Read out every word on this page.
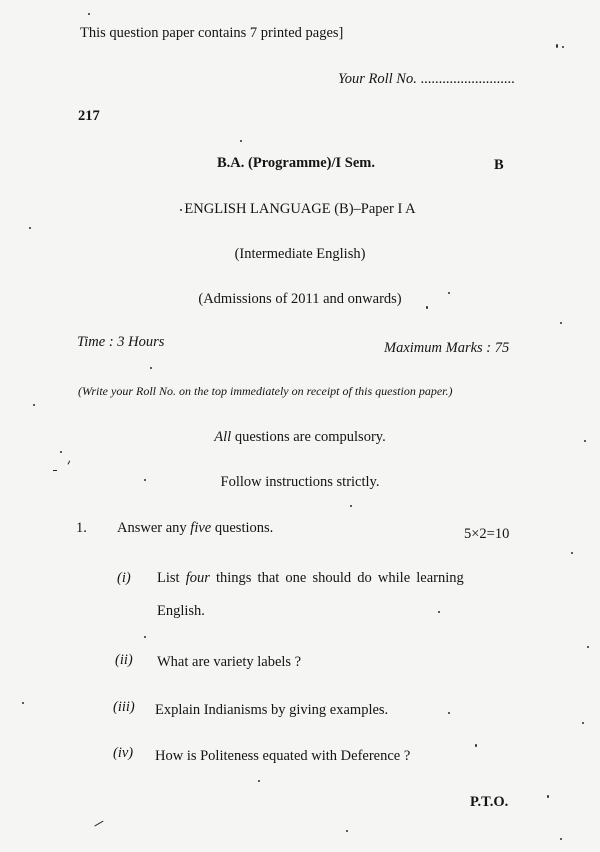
This question paper contains 7 printed pages]
Your Roll No. ..........................
217
B.A. (Programme)/I Sem.	B
ENGLISH LANGUAGE (B)–Paper I A
(Intermediate English)
(Admissions of 2011 and onwards)
Time : 3 Hours	Maximum Marks : 75
(Write your Roll No. on the top immediately on receipt of this question paper.)
All questions are compulsory.
Follow instructions strictly.
1. Answer any five questions.	5×2=10
(i) List four things that one should do while learning
English.
(ii) What are variety labels ?
(iii) Explain Indianisms by giving examples.
(iv) How is Politeness equated with Deference ?
P.T.O.
